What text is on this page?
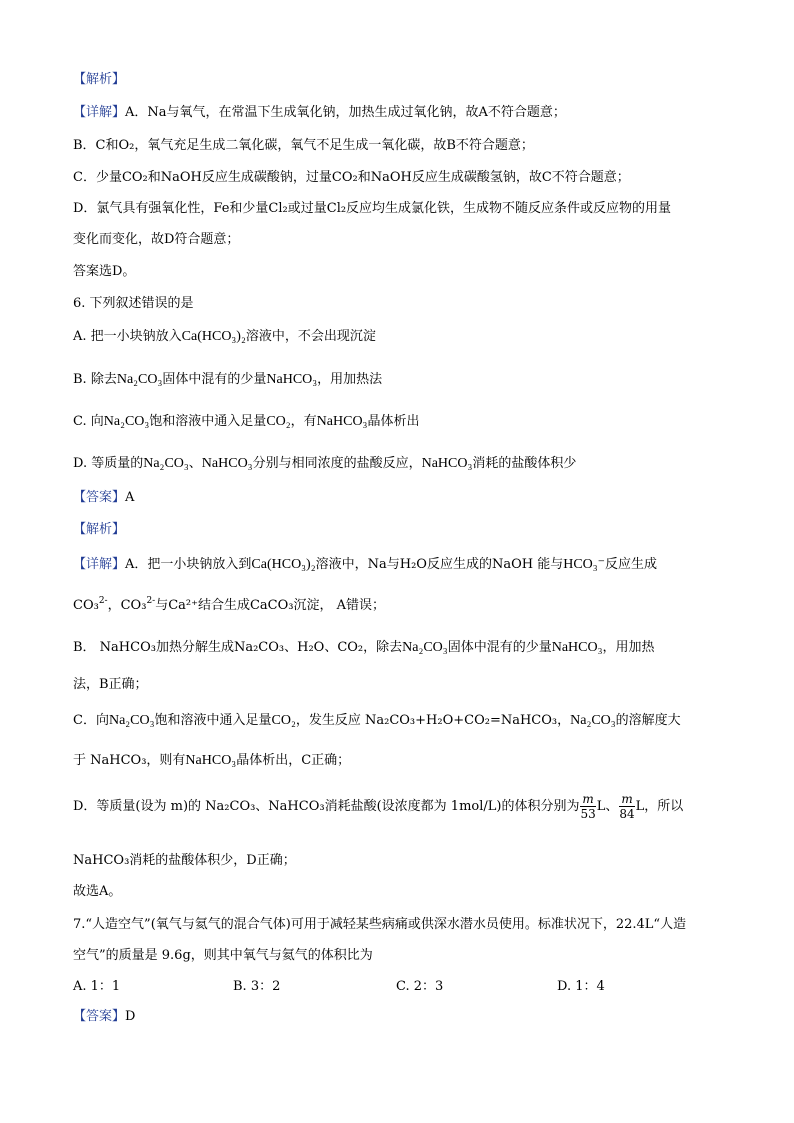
【解析】
【详解】A．Na与氧气，在常温下生成氧化钠，加热生成过氧化钠，故A不符合题意；
B．C和O₂，氧气充足生成二氧化碳，氧气不足生成一氧化碳，故B不符合题意；
C．少量CO₂和NaOH反应生成碳酸钠，过量CO₂和NaOH反应生成碳酸氢钠，故C不符合题意；
D．氯气具有强氧化性，Fe和少量Cl₂或过量Cl₂反应均生成氯化铁，生成物不随反应条件或反应物的用量
变化而变化，故D符合题意；
答案选D。
6. 下列叙述错误的是
A. 把一小块钠放入Ca(HCO₃)₂溶液中，不会出现沉淀
B. 除去Na₂CO₃固体中混有的少量NaHCO₃，用加热法
C. 向Na₂CO₃饱和溶液中通入足量CO₂，有NaHCO₃晶体析出
D. 等质量的Na₂CO₃、NaHCO₃分别与相同浓度的盐酸反应，NaHCO₃消耗的盐酸体积少
【答案】A
【解析】
【详解】A．把一小块钠放入到Ca(HCO₃)₂溶液中，Na与H₂O反应生成的NaOH 能与HCO₃⁻反应生成
CO₃$^{2-}$，CO₃$^{2-}$与Ca²⁺结合生成CaCO₃沉淀， A错误；
B． NaHCO₃加热分解生成Na₂CO₃、H₂O、CO₂，除去Na₂CO₃固体中混有的少量NaHCO₃，用加热
法，B正确；
C．向Na₂CO₃饱和溶液中通入足量CO₂，发生反应 Na₂CO₃+H₂O+CO₂=NaHCO₃，Na₂CO₃的溶解度大
于 NaHCO₃，则有NaHCO₃晶体析出，C正确；
D．等质量(设为 m)的 Na₂CO₃、NaHCO₃消耗盐酸(设浓度都为 1mol/L)的体积分别为 $\frac{m}{53}$ L、 $\frac{m}{84}$ L，所以
NaHCO₃消耗的盐酸体积少，D正确；
故选A。
7.“人造空气”(氧气与氦气的混合气体)可用于减轻某些病痛或供深水潜水员使用。标准状况下，22.4L“人造
空气”的质量是 9.6g，则其中氧气与氦气的体积比为
A. 1：1	B. 3：2	C. 2：3	D. 1：4
【答案】D
